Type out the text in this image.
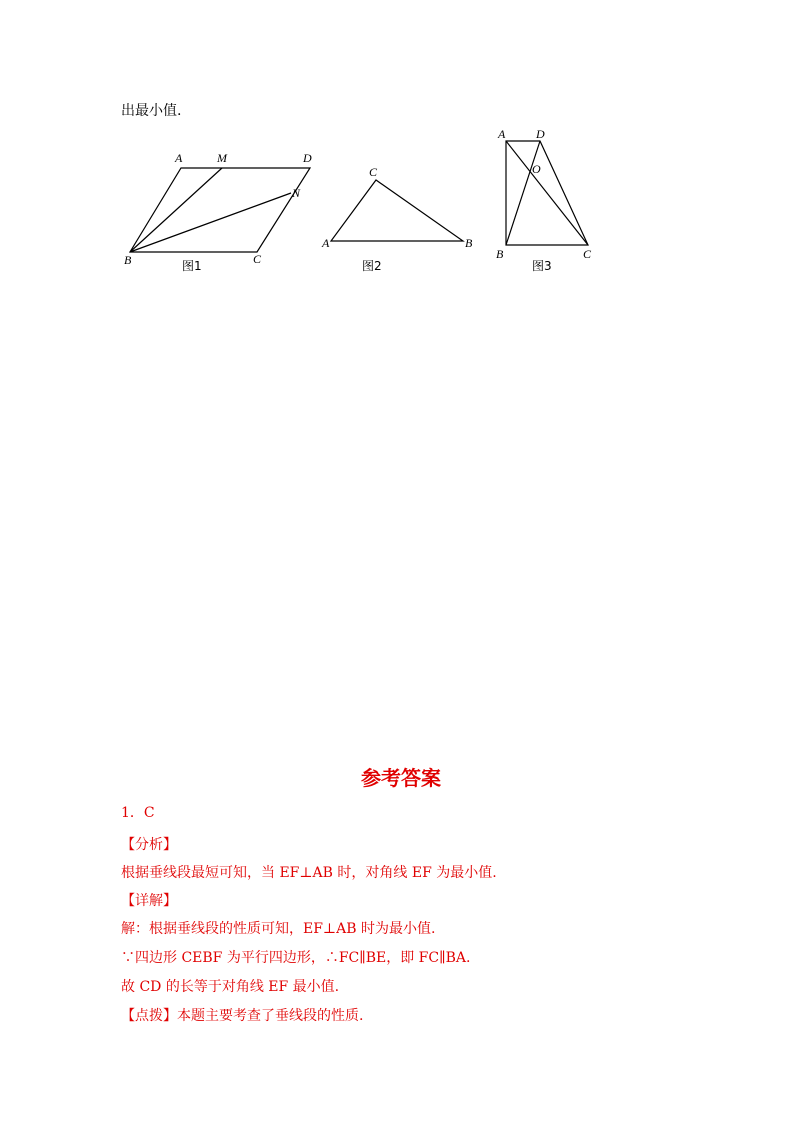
出最小值.
A	M	D
N
B	C
图1
C
A	B
图2
A	D
O
B	C
图3
参考答案
1．C
【分析】
根据垂线段最短可知，当 EF⊥AB 时，对角线 EF 为最小值.
【详解】
解：根据垂线段的性质可知，EF⊥AB 时为最小值.
∵四边形 CEBF 为平行四边形，∴FC∥BE，即 FC∥BA.
故 CD 的长等于对角线 EF 最小值.
【点拨】本题主要考查了垂线段的性质.
